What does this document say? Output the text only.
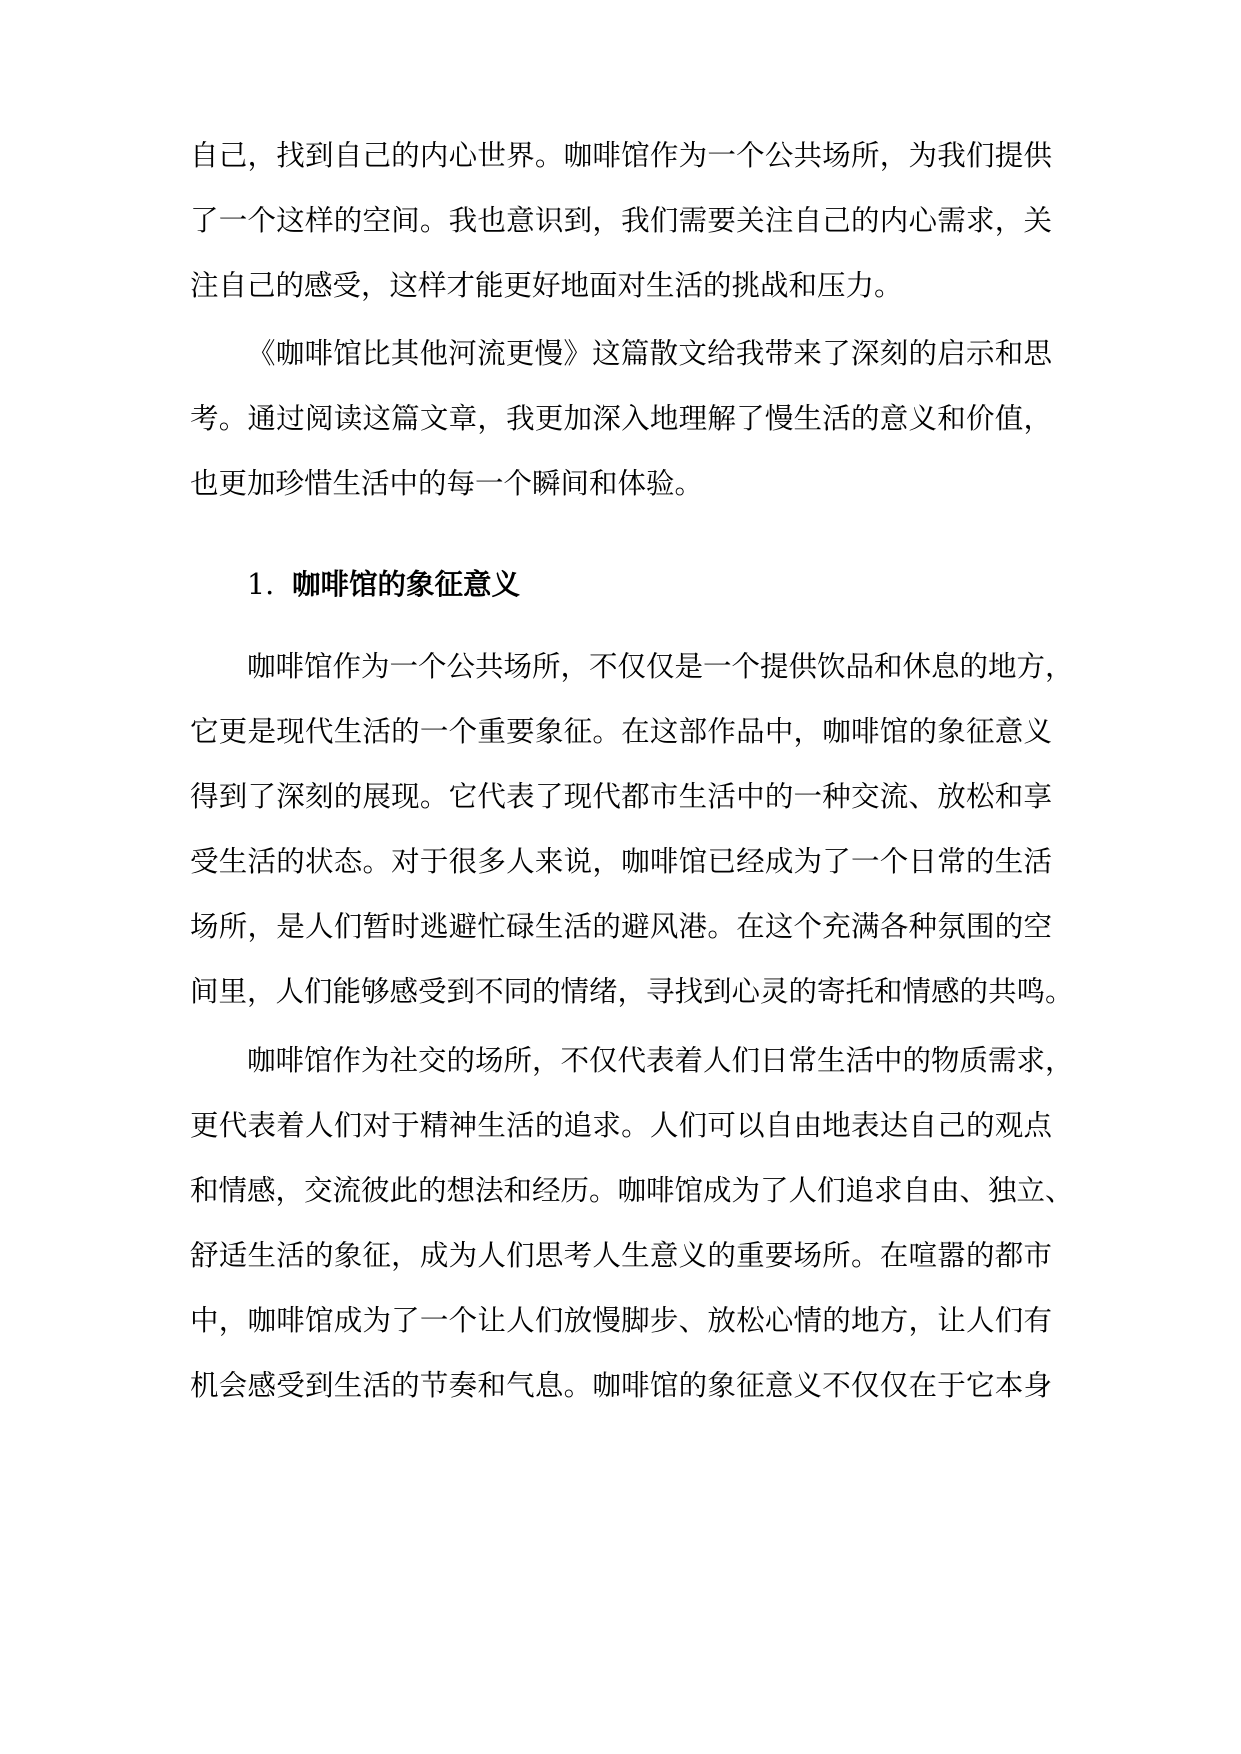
自己，找到自己的内心世界。咖啡馆作为一个公共场所，为我们提供

了一个这样的空间。我也意识到，我们需要关注自己的内心需求，关

注自己的感受，这样才能更好地面对生活的挑战和压力。

《咖啡馆比其他河流更慢》这篇散文给我带来了深刻的启示和思

考。通过阅读这篇文章，我更加深入地理解了慢生活的意义和价值，

也更加珍惜生活中的每一个瞬间和体验。

1. 咖啡馆的象征意义

咖啡馆作为一个公共场所，不仅仅是一个提供饮品和休息的地方，

它更是现代生活的一个重要象征。在这部作品中，咖啡馆的象征意义

得到了深刻的展现。它代表了现代都市生活中的一种交流、放松和享

受生活的状态。对于很多人来说，咖啡馆已经成为了一个日常的生活

场所，是人们暂时逃避忙碌生活的避风港。在这个充满各种氛围的空

间里，人们能够感受到不同的情绪，寻找到心灵的寄托和情感的共鸣。

咖啡馆作为社交的场所，不仅代表着人们日常生活中的物质需求，

更代表着人们对于精神生活的追求。人们可以自由地表达自己的观点

和情感，交流彼此的想法和经历。咖啡馆成为了人们追求自由、独立、

舒适生活的象征，成为人们思考人生意义的重要场所。在喧嚣的都市

中，咖啡馆成为了一个让人们放慢脚步、放松心情的地方，让人们有

机会感受到生活的节奏和气息。咖啡馆的象征意义不仅仅在于它本身
